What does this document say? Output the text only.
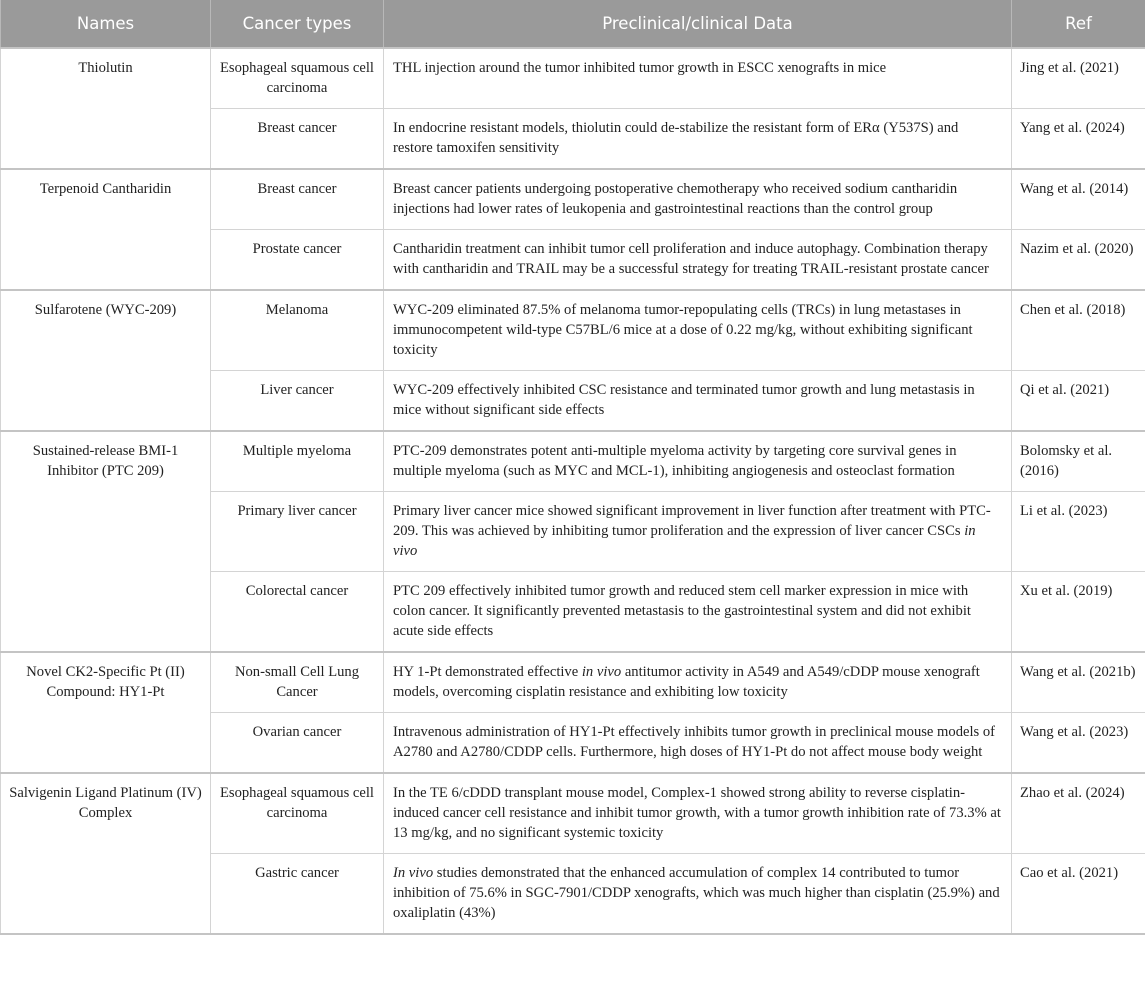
Names	Cancer types	Preclinical/clinical Data	Ref
Thiolutin	Esophageal squamous cell carcinoma	THL injection around the tumor inhibited tumor growth in ESCC xenografts in mice	Jing et al. (2021)
	Breast cancer	In endocrine resistant models, thiolutin could de-stabilize the resistant form of ERα (Y537S) and restore tamoxifen sensitivity	Yang et al. (2024)
Terpenoid Cantharidin	Breast cancer	Breast cancer patients undergoing postoperative chemotherapy who received sodium cantharidin injections had lower rates of leukopenia and gastrointestinal reactions than the control group	Wang et al. (2014)
	Prostate cancer	Cantharidin treatment can inhibit tumor cell proliferation and induce autophagy. Combination therapy with cantharidin and TRAIL may be a successful strategy for treating TRAIL-resistant prostate cancer	Nazim et al. (2020)
Sulfarotene (WYC-209)	Melanoma	WYC-209 eliminated 87.5% of melanoma tumor-repopulating cells (TRCs) in lung metastases in immunocompetent wild-type C57BL/6 mice at a dose of 0.22 mg/kg, without exhibiting significant toxicity	Chen et al. (2018)
	Liver cancer	WYC-209 effectively inhibited CSC resistance and terminated tumor growth and lung metastasis in mice without significant side effects	Qi et al. (2021)
Sustained-release BMI-1 Inhibitor (PTC 209)	Multiple myeloma	PTC-209 demonstrates potent anti-multiple myeloma activity by targeting core survival genes in multiple myeloma (such as MYC and MCL-1), inhibiting angiogenesis and osteoclast formation	Bolomsky et al. (2016)
	Primary liver cancer	Primary liver cancer mice showed significant improvement in liver function after treatment with PTC-209. This was achieved by inhibiting tumor proliferation and the expression of liver cancer CSCs in vivo	Li et al. (2023)
	Colorectal cancer	PTC 209 effectively inhibited tumor growth and reduced stem cell marker expression in mice with colon cancer. It significantly prevented metastasis to the gastrointestinal system and did not exhibit acute side effects	Xu et al. (2019)
Novel CK2-Specific Pt (II) Compound: HY1-Pt	Non-small Cell Lung Cancer	HY 1-Pt demonstrated effective in vivo antitumor activity in A549 and A549/cDDP mouse xenograft models, overcoming cisplatin resistance and exhibiting low toxicity	Wang et al. (2021b)
	Ovarian cancer	Intravenous administration of HY1-Pt effectively inhibits tumor growth in preclinical mouse models of A2780 and A2780/CDDP cells. Furthermore, high doses of HY1-Pt do not affect mouse body weight	Wang et al. (2023)
Salvigenin Ligand Platinum (IV) Complex	Esophageal squamous cell carcinoma	In the TE 6/cDDD transplant mouse model, Complex-1 showed strong ability to reverse cisplatin-induced cancer cell resistance and inhibit tumor growth, with a tumor growth inhibition rate of 73.3% at 13 mg/kg, and no significant systemic toxicity	Zhao et al. (2024)
	Gastric cancer	In vivo studies demonstrated that the enhanced accumulation of complex 14 contributed to tumor inhibition of 75.6% in SGC-7901/CDDP xenografts, which was much higher than cisplatin (25.9%) and oxaliplatin (43%)	Cao et al. (2021)
